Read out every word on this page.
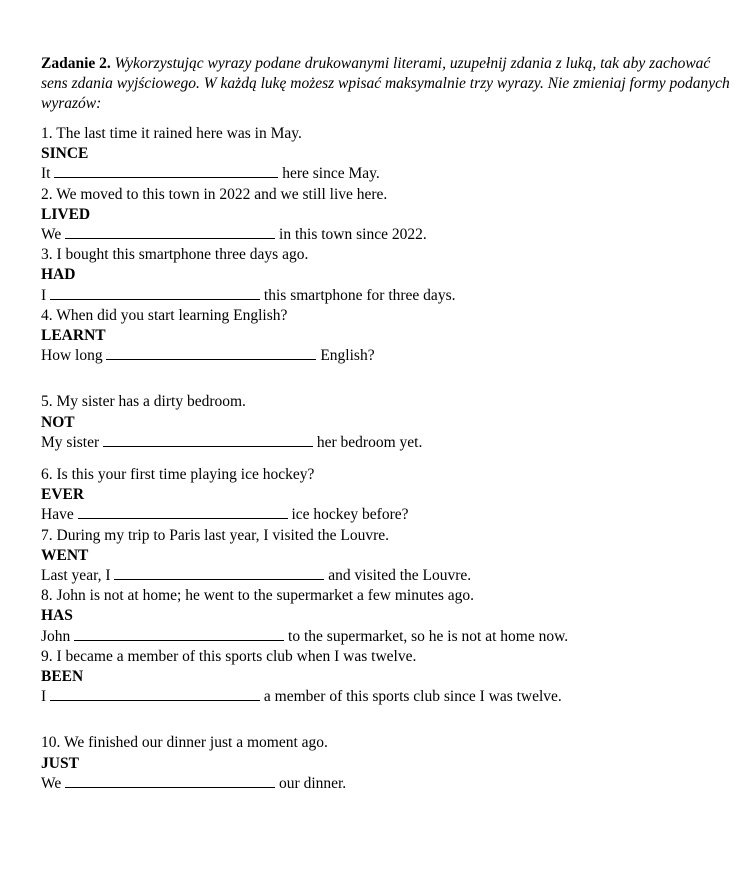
Zadanie 2. Wykorzystując wyrazy podane drukowanymi literami, uzupełnij zdania z luką, tak aby zachować sens zdania wyjściowego. W każdą lukę możesz wpisać maksymalnie trzy wyrazy. Nie zmieniaj formy podanych wyrazów:
1. The last time it rained here was in May.
SINCE
It	here since May.
2. We moved to this town in 2022 and we still live here.
LIVED
We	in this town since 2022.
3. I bought this smartphone three days ago.
HAD
I	this smartphone for three days.
4. When did you start learning English?
LEARNT
How long	English?
5. My sister has a dirty bedroom.
NOT
My sister	her bedroom yet.
6. Is this your first time playing ice hockey?
EVER
Have	ice hockey before?
7. During my trip to Paris last year, I visited the Louvre.
WENT
Last year, I	and visited the Louvre.
8. John is not at home; he went to the supermarket a few minutes ago.
HAS
John	to the supermarket, so he is not at home now.
9. I became a member of this sports club when I was twelve.
BEEN
I	a member of this sports club since I was twelve.
10. We finished our dinner just a moment ago.
JUST
We	our dinner.
